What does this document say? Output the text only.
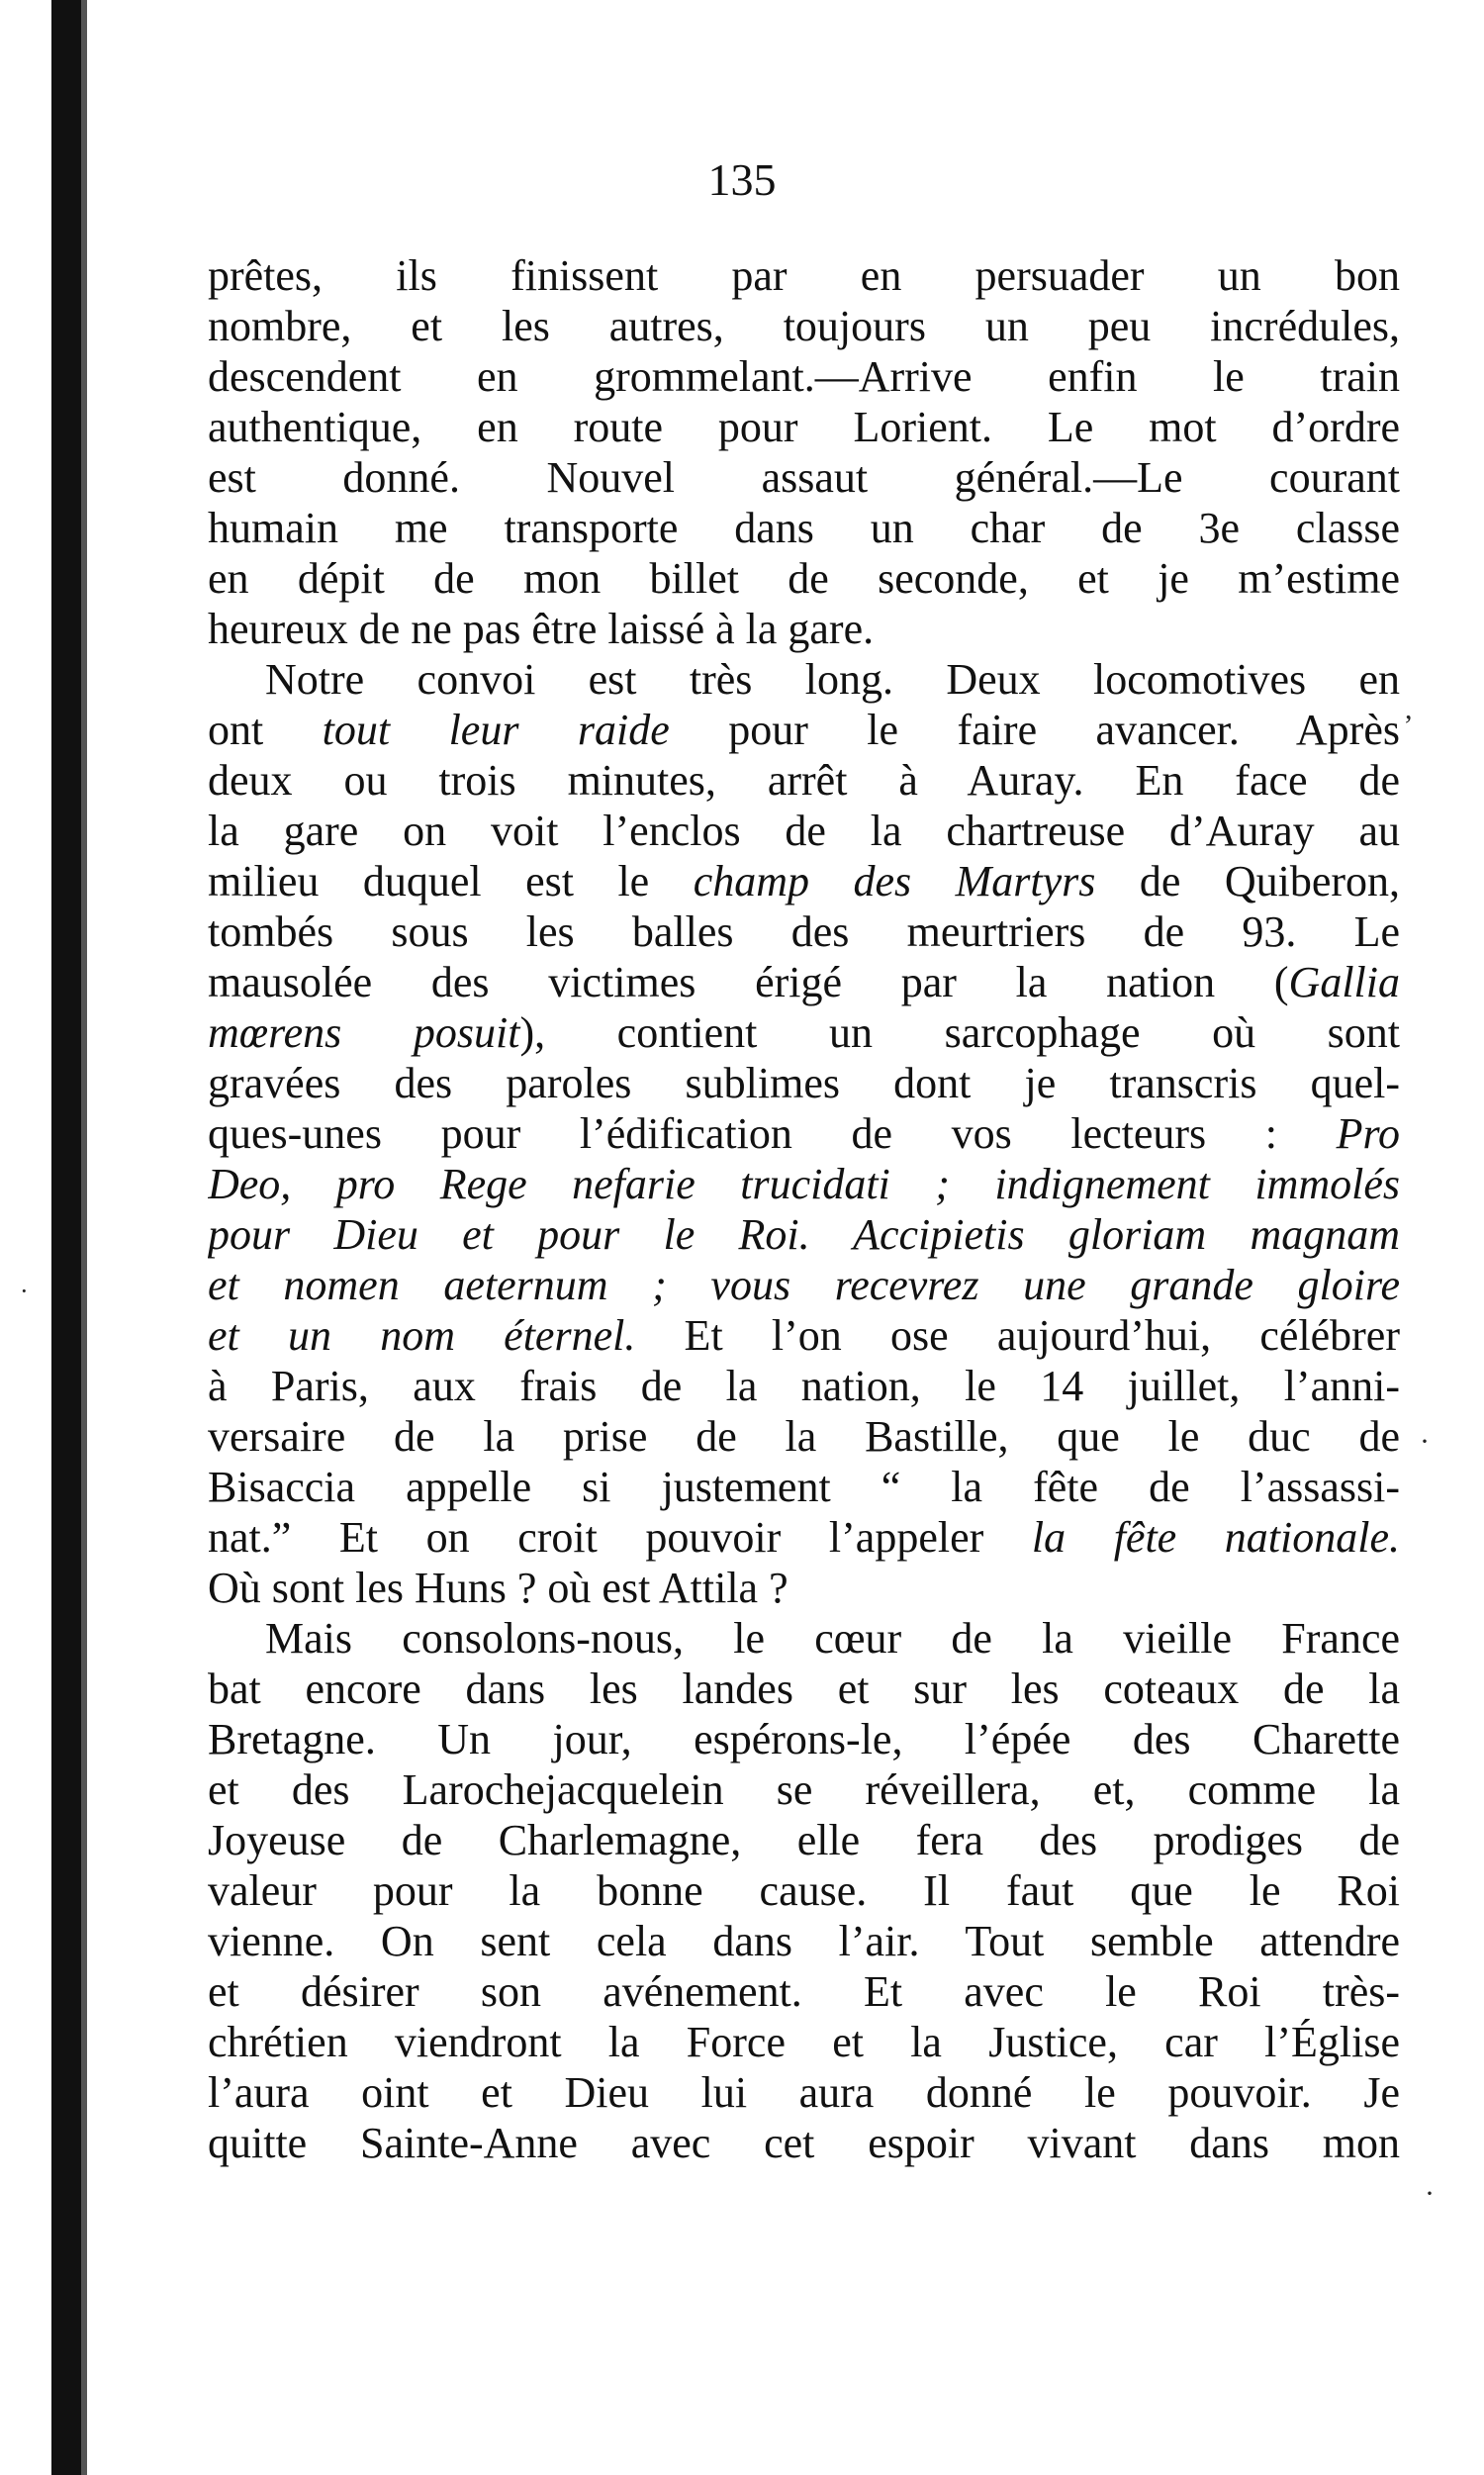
135
prêtes, ils finissent par en persuader un bon
nombre, et les autres, toujours un peu incrédules,
descendent en grommelant.—Arrive enfin le train
authentique, en route pour Lorient. Le mot d’ordre
est donné. Nouvel assaut général.—Le courant
humain me transporte dans un char de 3e classe
en dépit de mon billet de seconde, et je m’estime
heureux de ne pas être laissé à la gare.
Notre convoi est très long. Deux locomotives en
ont tout leur raide pour le faire avancer. Après
deux ou trois minutes, arrêt à Auray. En face de
la gare on voit l’enclos de la chartreuse d’Auray au
milieu duquel est le champ des Martyrs de Quiberon,
tombés sous les balles des meurtriers de 93. Le
mausolée des victimes érigé par la nation (Gallia
mœrens posuit), contient un sarcophage où sont
gravées des paroles sublimes dont je transcris quel-
ques-unes pour l’édification de vos lecteurs : Pro
Deo, pro Rege nefarie trucidati ; indignement immolés
pour Dieu et pour le Roi. Accipietis gloriam magnam
et nomen aeternum ; vous recevrez une grande gloire
et un nom éternel. Et l’on ose aujourd’hui, célébrer
à Paris, aux frais de la nation, le 14 juillet, l’anni-
versaire de la prise de la Bastille, que le duc de
Bisaccia appelle si justement “ la fête de l’assassi-
nat.” Et on croit pouvoir l’appeler la fête nationale.
Où sont les Huns ? où est Attila ?
Mais consolons-nous, le cœur de la vieille France
bat encore dans les landes et sur les coteaux de la
Bretagne. Un jour, espérons-le, l’épée des Charette
et des Larochejacquelein se réveillera, et, comme la
Joyeuse de Charlemagne, elle fera des prodiges de
valeur pour la bonne cause. Il faut que le Roi
vienne. On sent cela dans l’air. Tout semble attendre
et désirer son avénement. Et avec le Roi très-
chrétien viendront la Force et la Justice, car l’Église
l’aura oint et Dieu lui aura donné le pouvoir. Je
quitte Sainte-Anne avec cet espoir vivant dans mon
,
·
·
·
